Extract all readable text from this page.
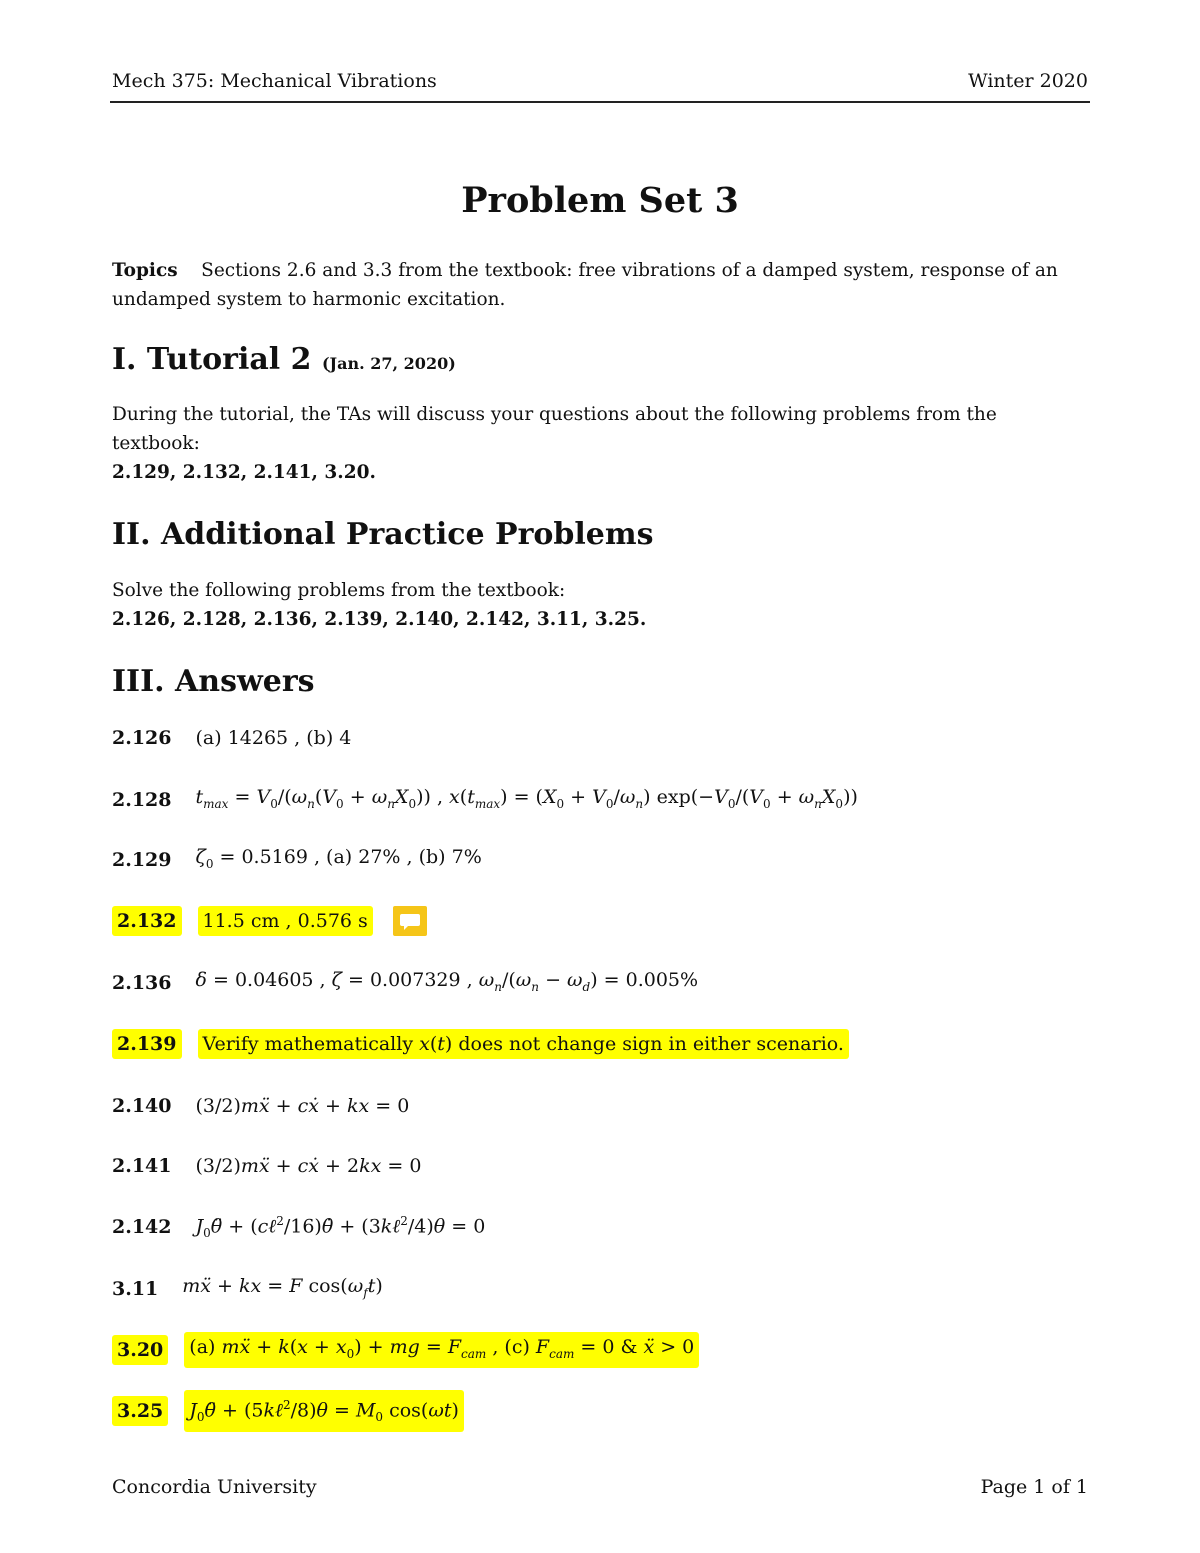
Mech 375: Mechanical Vibrations	Winter 2020
Problem Set 3
Topics Sections 2.6 and 3.3 from the textbook: free vibrations of a damped system, response of an undamped system to harmonic excitation.
I. Tutorial 2 (Jan. 27, 2020)
During the tutorial, the TAs will discuss your questions about the following problems from the textbook:
2.129, 2.132, 2.141, 3.20.
II. Additional Practice Problems
Solve the following problems from the textbook:
2.126, 2.128, 2.136, 2.139, 2.140, 2.142, 3.11, 3.25.
III. Answers
2.126 (a) 14265 , (b) 4
2.128 $t_{max} = V_0/(\omega_n(V_0 + \omega_nX_0))$ , $x(t_{max}) = (X_0 + V_0/\omega_n) \exp(-V_0/(V_0 + \omega_nX_0))$
2.129 $\zeta_0 = 0.5169$ , (a) 27% , (b) 7%
2.132 11.5 cm , 0.576 s
2.136 δ = 0.04605 , ζ = 0.007329 , $\omega_n/(\omega_n - \omega_d) = 0.005\%$
2.139 Verify mathematically x(t) does not change sign in either scenario.
2.140 (3/2)mẍ + cẋ + kx = 0
2.141 (3/2)mẍ + cẋ + 2kx = 0
2.142 $J_0\thetä$ + (cℓ$^2$/16)θ̇ + (3kℓ$^2$/4)θ = 0
3.11 mẍ + kx = F $\cos(\omega_ft)$
3.20 (a) mẍ + $k(x + x_0)$ + mg = $F_{cam}$ , (c) $F_{cam} = 0$ & ẍ > 0
3.25 $J_0\thetä$ + (5kℓ$^2$/8)θ = $M_0$ cos(ωt)
Concordia University	Page 1 of 1
